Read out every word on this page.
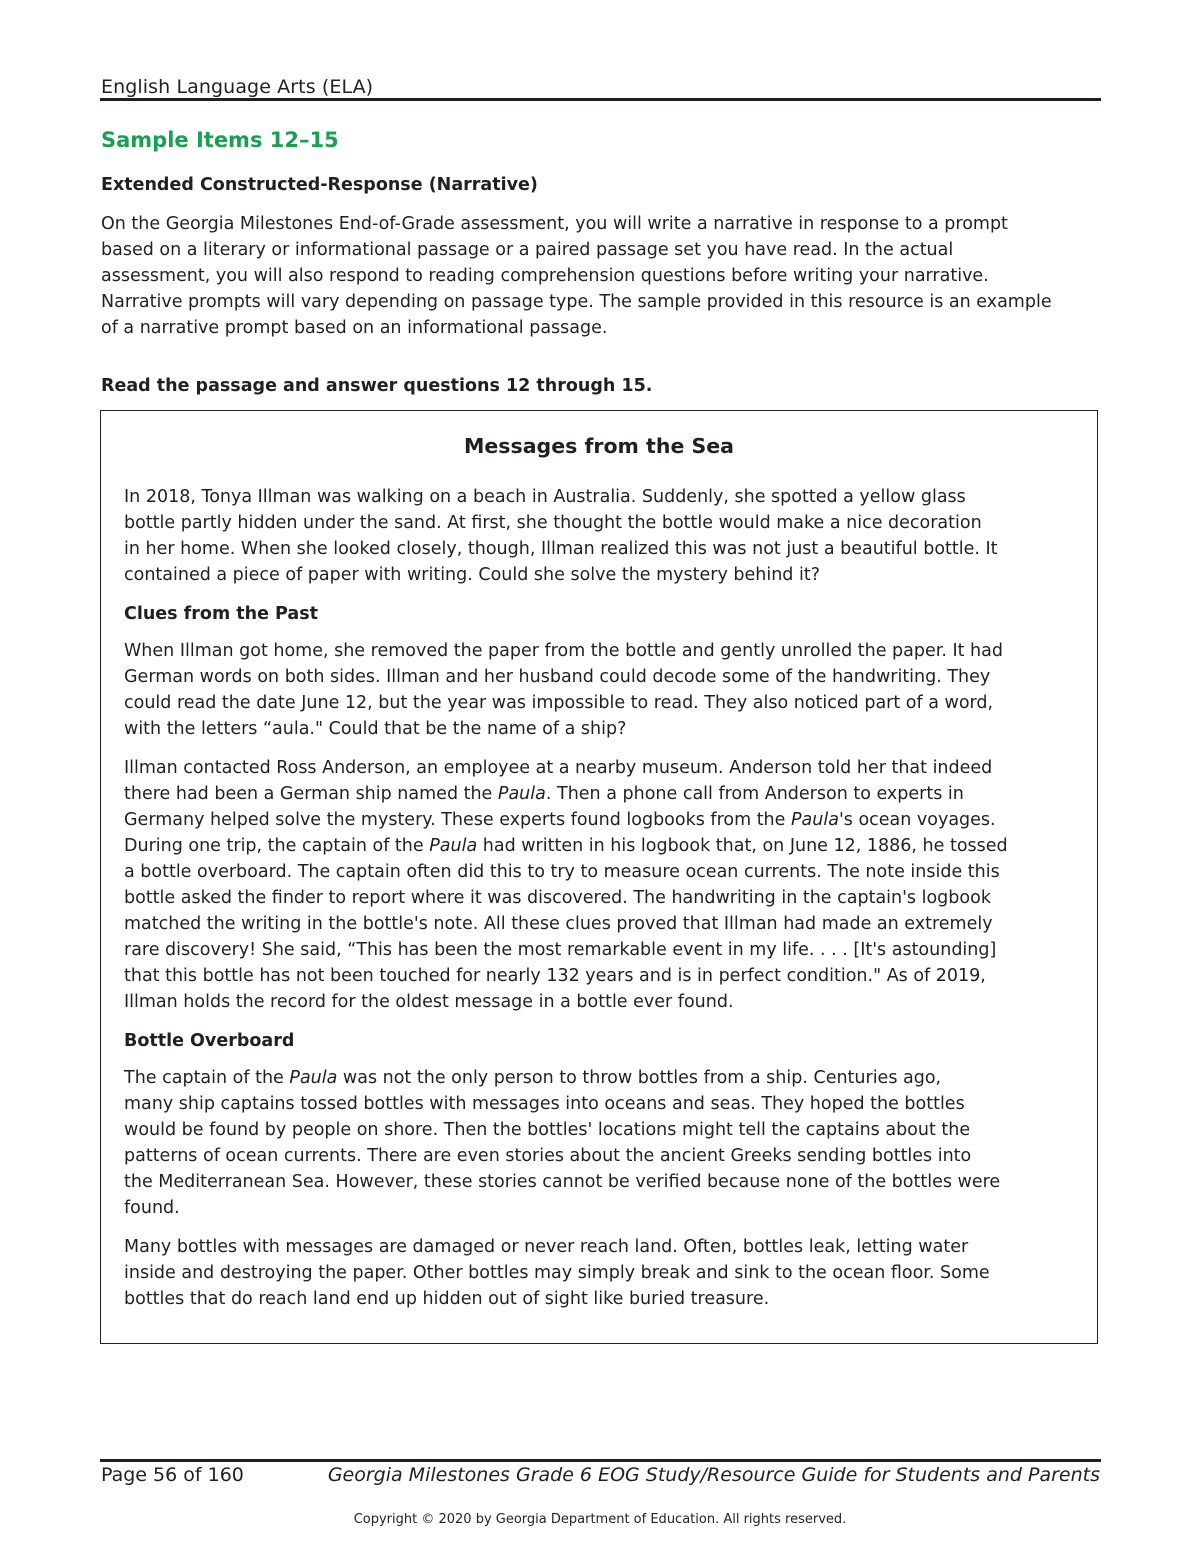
English Language Arts (ELA)
Sample Items 12–15
Extended Constructed-Response (Narrative)
On the Georgia Milestones End-of-Grade assessment, you will write a narrative in response to a prompt
based on a literary or informational passage or a paired passage set you have read. In the actual
assessment, you will also respond to reading comprehension questions before writing your narrative.
Narrative prompts will vary depending on passage type. The sample provided in this resource is an example
of a narrative prompt based on an informational passage.
Read the passage and answer questions 12 through 15.
Messages from the Sea

In 2018, Tonya Illman was walking on a beach in Australia. Suddenly, she spotted a yellow glass
bottle partly hidden under the sand. At first, she thought the bottle would make a nice decoration
in her home. When she looked closely, though, Illman realized this was not just a beautiful bottle. It
contained a piece of paper with writing. Could she solve the mystery behind it?

Clues from the Past

When Illman got home, she removed the paper from the bottle and gently unrolled the paper. It had
German words on both sides. Illman and her husband could decode some of the handwriting. They
could read the date June 12, but the year was impossible to read. They also noticed part of a word,
with the letters “aula." Could that be the name of a ship?

Illman contacted Ross Anderson, an employee at a nearby museum. Anderson told her that indeed
there had been a German ship named the Paula. Then a phone call from Anderson to experts in
Germany helped solve the mystery. These experts found logbooks from the Paula's ocean voyages.
During one trip, the captain of the Paula had written in his logbook that, on June 12, 1886, he tossed
a bottle overboard. The captain often did this to try to measure ocean currents. The note inside this
bottle asked the finder to report where it was discovered. The handwriting in the captain's logbook
matched the writing in the bottle's note. All these clues proved that Illman had made an extremely
rare discovery! She said, “This has been the most remarkable event in my life. . . . [It's astounding]
that this bottle has not been touched for nearly 132 years and is in perfect condition." As of 2019,
Illman holds the record for the oldest message in a bottle ever found.

Bottle Overboard

The captain of the Paula was not the only person to throw bottles from a ship. Centuries ago,
many ship captains tossed bottles with messages into oceans and seas. They hoped the bottles
would be found by people on shore. Then the bottles' locations might tell the captains about the
patterns of ocean currents. There are even stories about the ancient Greeks sending bottles into
the Mediterranean Sea. However, these stories cannot be verified because none of the bottles were
found.

Many bottles with messages are damaged or never reach land. Often, bottles leak, letting water
inside and destroying the paper. Other bottles may simply break and sink to the ocean floor. Some
bottles that do reach land end up hidden out of sight like buried treasure.

Page 56 of 160	Georgia Milestones Grade 6 EOG Study/Resource Guide for Students and Parents
Copyright © 2020 by Georgia Department of Education. All rights reserved.
